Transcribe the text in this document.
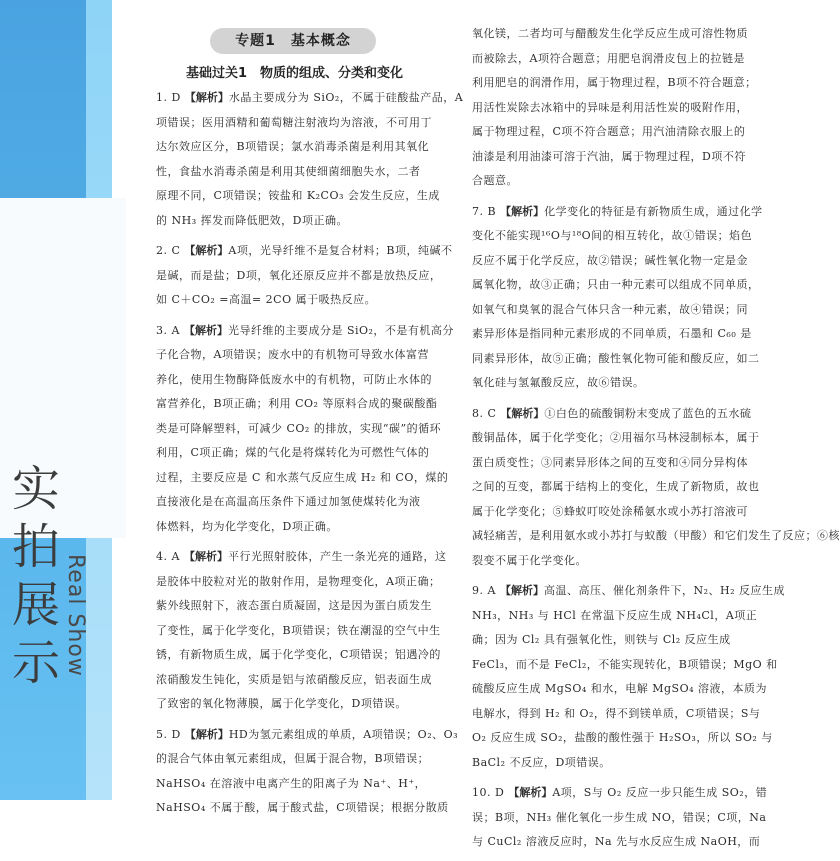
实
拍
展
示 Real Show
专题1　基本概念
基础过关1　物质的组成、分类和变化
1. D 【解析】水晶主要成分为 SiO₂，不属于硅酸盐产品，A
项错误；医用酒精和葡萄糖注射液均为溶液，不可用丁
达尔效应区分，B项错误；氯水消毒杀菌是利用其氧化
性，食盐水消毒杀菌是利用其使细菌细胞失水，二者
原理不同，C项错误；铵盐和 K₂CO₃ 会发生反应，生成
的 NH₃ 挥发而降低肥效，D项正确。
2. C 【解析】A项，光导纤维不是复合材料；B项，纯碱不
是碱，而是盐；D项，氧化还原反应并不都是放热反应，
如 C＋CO₂ =高温= 2CO 属于吸热反应。
3. A 【解析】光导纤维的主要成分是 SiO₂，不是有机高分
子化合物，A项错误；废水中的有机物可导致水体富营
养化，使用生物酶降低废水中的有机物，可防止水体的
富营养化，B项正确；利用 CO₂ 等原料合成的聚碳酸酯
类是可降解塑料，可减少 CO₂ 的排放，实现“碳”的循环
利用，C项正确；煤的气化是将煤转化为可燃性气体的
过程，主要反应是 C 和水蒸气反应生成 H₂ 和 CO，煤的
直接液化是在高温高压条件下通过加氢使煤转化为液
体燃料，均为化学变化，D项正确。
4. A 【解析】平行光照射胶体，产生一条光亮的通路，这
是胶体中胶粒对光的散射作用，是物理变化，A项正确；
紫外线照射下，液态蛋白质凝固，这是因为蛋白质发生
了变性，属于化学变化，B项错误；铁在潮湿的空气中生
锈，有新物质生成，属于化学变化，C项错误；铝遇冷的
浓硝酸发生钝化，实质是铝与浓硝酸反应，铝表面生成
了致密的氧化物薄膜，属于化学变化，D项错误。
5. D 【解析】HD为氢元素组成的单质，A项错误；O₂、O₃
的混合气体由氧元素组成，但属于混合物，B项错误；
NaHSO₄ 在溶液中电离产生的阳离子为 Na⁺、H⁺，
NaHSO₄ 不属于酸，属于酸式盐，C项错误；根据分散质
氧化镁，二者均可与醋酸发生化学反应生成可溶性物质
而被除去，A项符合题意；用肥皂润滑皮包上的拉链是
利用肥皂的润滑作用，属于物理过程，B项不符合题意；
用活性炭除去冰箱中的异味是利用活性炭的吸附作用，
属于物理过程，C项不符合题意；用汽油清除衣服上的
油漆是利用油漆可溶于汽油，属于物理过程，D项不符
合题意。
7. B 【解析】化学变化的特征是有新物质生成，通过化学
变化不能实现¹⁶O与¹⁸O间的相互转化，故①错误；焰色
反应不属于化学反应，故②错误；碱性氧化物一定是金
属氧化物，故③正确；只由一种元素可以组成不同单质，
如氧气和臭氧的混合气体只含一种元素，故④错误；同
素异形体是指同种元素形成的不同单质，石墨和 C₆₀ 是
同素异形体，故⑤正确；酸性氧化物可能和酸反应，如二
氧化硅与氢氟酸反应，故⑥错误。
8. C 【解析】①白色的硫酸铜粉末变成了蓝色的五水硫
酸铜晶体，属于化学变化；②用福尔马林浸制标本，属于
蛋白质变性；③同素异形体之间的互变和④同分异构体
之间的互变，都属于结构上的变化，生成了新物质，故也
属于化学变化；⑤蜂蚁叮咬处涂稀氨水或小苏打溶液可
减轻痛苦，是利用氨水或小苏打与蚁酸（甲酸）和它们发生了反应；⑥核
裂变不属于化学变化。
9. A 【解析】高温、高压、催化剂条件下，N₂、H₂ 反应生成
NH₃，NH₃ 与 HCl 在常温下反应生成 NH₄Cl，A项正
确；因为 Cl₂ 具有强氧化性，则铁与 Cl₂ 反应生成
FeCl₃，而不是 FeCl₂，不能实现转化，B项错误；MgO 和
硫酸反应生成 MgSO₄ 和水，电解 MgSO₄ 溶液，本质为
电解水，得到 H₂ 和 O₂，得不到镁单质，C项错误；S与
O₂ 反应生成 SO₂，盐酸的酸性强于 H₂SO₃，所以 SO₂ 与
BaCl₂ 不反应，D项错误。
10. D 【解析】A项，S与 O₂ 反应一步只能生成 SO₂，错
误；B项，NH₃ 催化氧化一步生成 NO，错误；C项，Na
与 CuCl₂ 溶液反应时，Na 先与水反应生成 NaOH，而
